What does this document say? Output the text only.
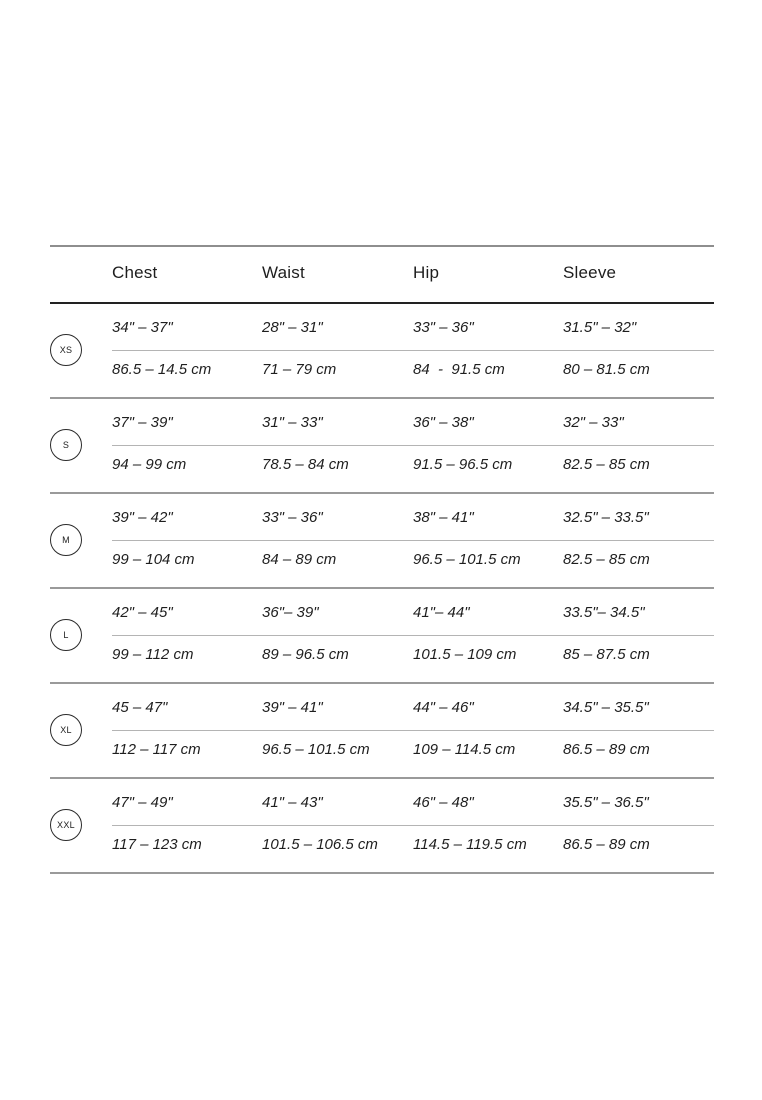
Chest	Waist	Hip	Sleeve
XS
34" – 37"	28" – 31"	33" – 36"	31.5" – 32"
86.5 – 14.5 cm	71 – 79 cm	84  -  91.5 cm	80 – 81.5 cm
S
37" – 39"	31" – 33"	36" – 38"	32" – 33"
94 – 99 cm	78.5 – 84 cm	91.5 – 96.5 cm	82.5 – 85 cm
M
39" – 42"	33" – 36"	38" – 41"	32.5" – 33.5"
99 – 104 cm	84 – 89 cm	96.5 – 101.5 cm	82.5 – 85 cm
L
42" – 45"	36"– 39"	41"– 44"	33.5"– 34.5"
99 – 112 cm	89 – 96.5 cm	101.5 – 109 cm	85 – 87.5 cm
XL
45 – 47"	39" – 41"	44" – 46"	34.5" – 35.5"
112 – 117 cm	96.5 – 101.5 cm	109 – 114.5 cm	86.5 – 89 cm
XXL
47" – 49"	41" – 43"	46" – 48"	35.5" – 36.5"
117 – 123 cm	101.5 – 106.5 cm 114.5 – 119.5 cm 86.5 – 89 cm
